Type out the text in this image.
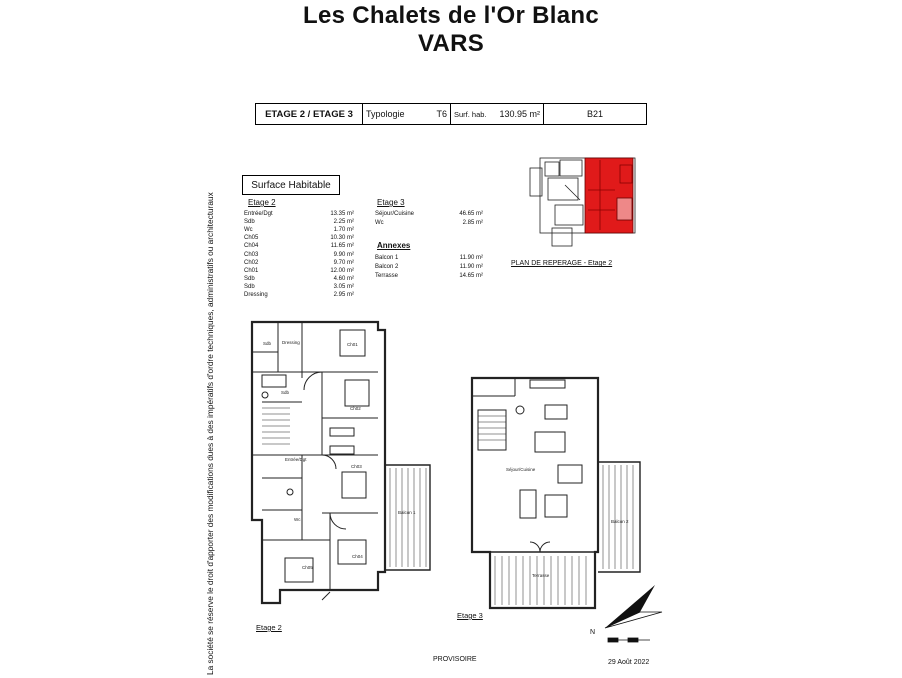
Les Chalets de l'Or Blanc
VARS
ETAGE 2 / ETAGE 3	Typologie	T6 Surf. hab. 130.95 m²	B21
La société se réserve le droit d'apporter des modifications dues à des impératifs d'ordre techniques, administratifs ou architecturaux
Surface Habitable
Etage 2
Entrée/Dgt	13.35 m²
Sdb	2.25 m²
Wc	1.70 m²
Ch05	10.30 m²
Ch04	11.65 m²
Ch03	9.90 m²
Ch02	9.70 m²
Ch01	12.00 m²
Sdb	4.60 m²
Sdb	3.05 m²
Dressing	2.95 m²
Etage 3
Séjour/Cuisine	46.65 m²
Wc	2.85 m²
Annexes
Balcon 1	11.90 m²
Balcon 2	11.90 m²
Terrasse	14.65 m²
PLAN DE REPERAGE - Etage 2
Etage 2
Etage 3
PROVISOIRE	29 Août 2022
Ch01
Ch02
Ch03
Ch04
Ch05
Sdb
Sdb
Dressing
Entrée/Dgt
Wc
Balcon 1
Séjour/Cuisine
Balcon 2
Terrasse
N
